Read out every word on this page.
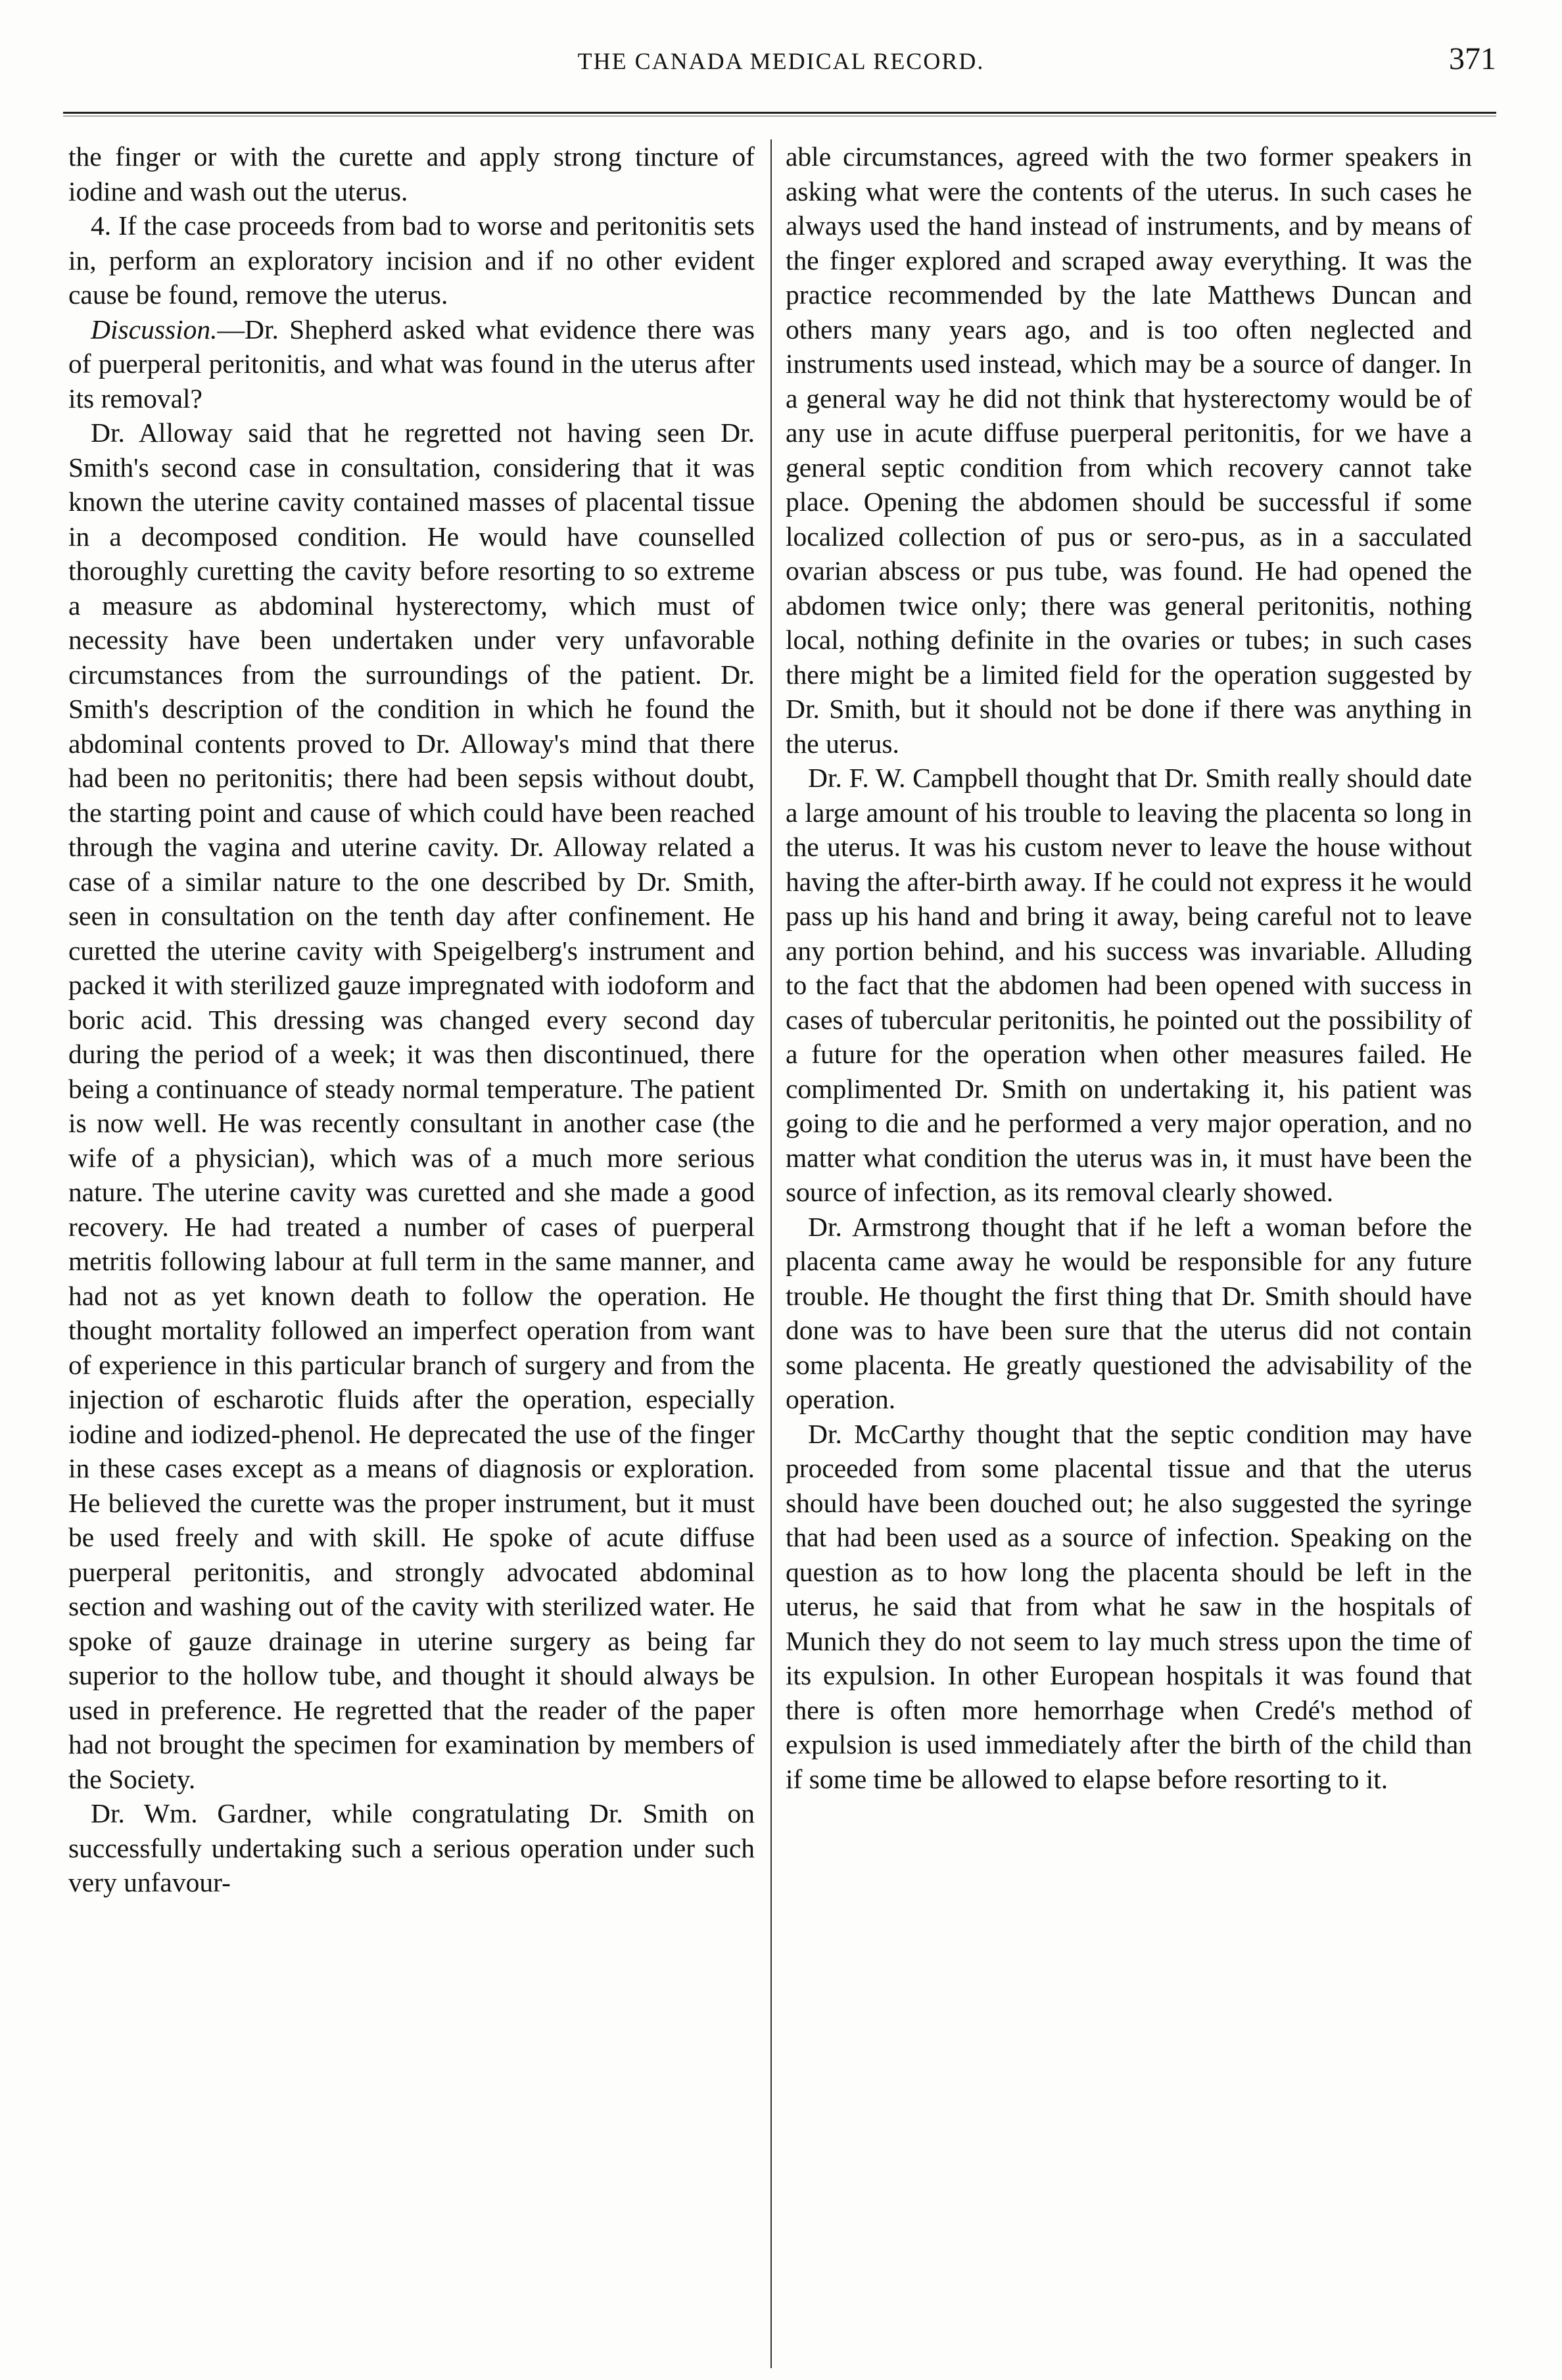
THE CANADA MEDICAL RECORD.	371

the finger or with the curette and apply strong tincture of iodine and wash out the uterus.

4. If the case proceeds from bad to worse and peritonitis sets in, perform an exploratory incision and if no other evident cause be found, remove the uterus.

Discussion.—Dr. Shepherd asked what evidence there was of puerperal peritonitis, and what was found in the uterus after its removal?

Dr. Alloway said that he regretted not having seen Dr. Smith's second case in consultation, considering that it was known the uterine cavity contained masses of placental tissue in a decomposed condition. He would have counselled thoroughly curetting the cavity before resorting to so extreme a measure as abdominal hysterectomy, which must of necessity have been undertaken under very unfavorable circumstances from the surroundings of the patient. Dr. Smith's description of the condition in which he found the abdominal contents proved to Dr. Alloway's mind that there had been no peritonitis; there had been sepsis without doubt, the starting point and cause of which could have been reached through the vagina and uterine cavity. Dr. Alloway related a case of a similar nature to the one described by Dr. Smith, seen in consultation on the tenth day after confinement. He curetted the uterine cavity with Speigelberg's instrument and packed it with sterilized gauze impregnated with iodoform and boric acid. This dressing was changed every second day during the period of a week; it was then discontinued, there being a continuance of steady normal temperature. The patient is now well. He was recently consultant in another case (the wife of a physician), which was of a much more serious nature. The uterine cavity was curetted and she made a good recovery. He had treated a number of cases of puerperal metritis following labour at full term in the same manner, and had not as yet known death to follow the operation. He thought mortality followed an imperfect operation from want of experience in this particular branch of surgery and from the injection of escharotic fluids after the operation, especially iodine and iodized-phenol. He deprecated the use of the finger in these cases except as a means of diagnosis or exploration. He believed the curette was the proper instrument, but it must be used freely and with skill. He spoke of acute diffuse puerperal peritonitis, and strongly advocated abdominal section and washing out of the cavity with sterilized water. He spoke of gauze drainage in uterine surgery as being far superior to the hollow tube, and thought it should always be used in preference. He regretted that the reader of the paper had not brought the specimen for examination by members of the Society.

Dr. Wm. Gardner, while congratulating Dr. Smith on successfully undertaking such a serious operation under such very unfavour-

able circumstances, agreed with the two former speakers in asking what were the contents of the uterus. In such cases he always used the hand instead of instruments, and by means of the finger explored and scraped away everything. It was the practice recommended by the late Matthews Duncan and others many years ago, and is too often neglected and instruments used instead, which may be a source of danger. In a general way he did not think that hysterectomy would be of any use in acute diffuse puerperal peritonitis, for we have a general septic condition from which recovery cannot take place. Opening the abdomen should be successful if some localized collection of pus or sero-pus, as in a sacculated ovarian abscess or pus tube, was found. He had opened the abdomen twice only; there was general peritonitis, nothing local, nothing definite in the ovaries or tubes; in such cases there might be a limited field for the operation suggested by Dr. Smith, but it should not be done if there was anything in the uterus.

Dr. F. W. Campbell thought that Dr. Smith really should date a large amount of his trouble to leaving the placenta so long in the uterus. It was his custom never to leave the house without having the after-birth away. If he could not express it he would pass up his hand and bring it away, being careful not to leave any portion behind, and his success was invariable. Alluding to the fact that the abdomen had been opened with success in cases of tubercular peritonitis, he pointed out the possibility of a future for the operation when other measures failed. He complimented Dr. Smith on undertaking it, his patient was going to die and he performed a very major operation, and no matter what condition the uterus was in, it must have been the source of infection, as its removal clearly showed.

Dr. Armstrong thought that if he left a woman before the placenta came away he would be responsible for any future trouble. He thought the first thing that Dr. Smith should have done was to have been sure that the uterus did not contain some placenta. He greatly questioned the advisability of the operation.

Dr. McCarthy thought that the septic condition may have proceeded from some placental tissue and that the uterus should have been douched out; he also suggested the syringe that had been used as a source of infection. Speaking on the question as to how long the placenta should be left in the uterus, he said that from what he saw in the hospitals of Munich they do not seem to lay much stress upon the time of its expulsion. In other European hospitals it was found that there is often more hemorrhage when Credé's method of expulsion is used immediately after the birth of the child than if some time be allowed to elapse before resorting to it.
